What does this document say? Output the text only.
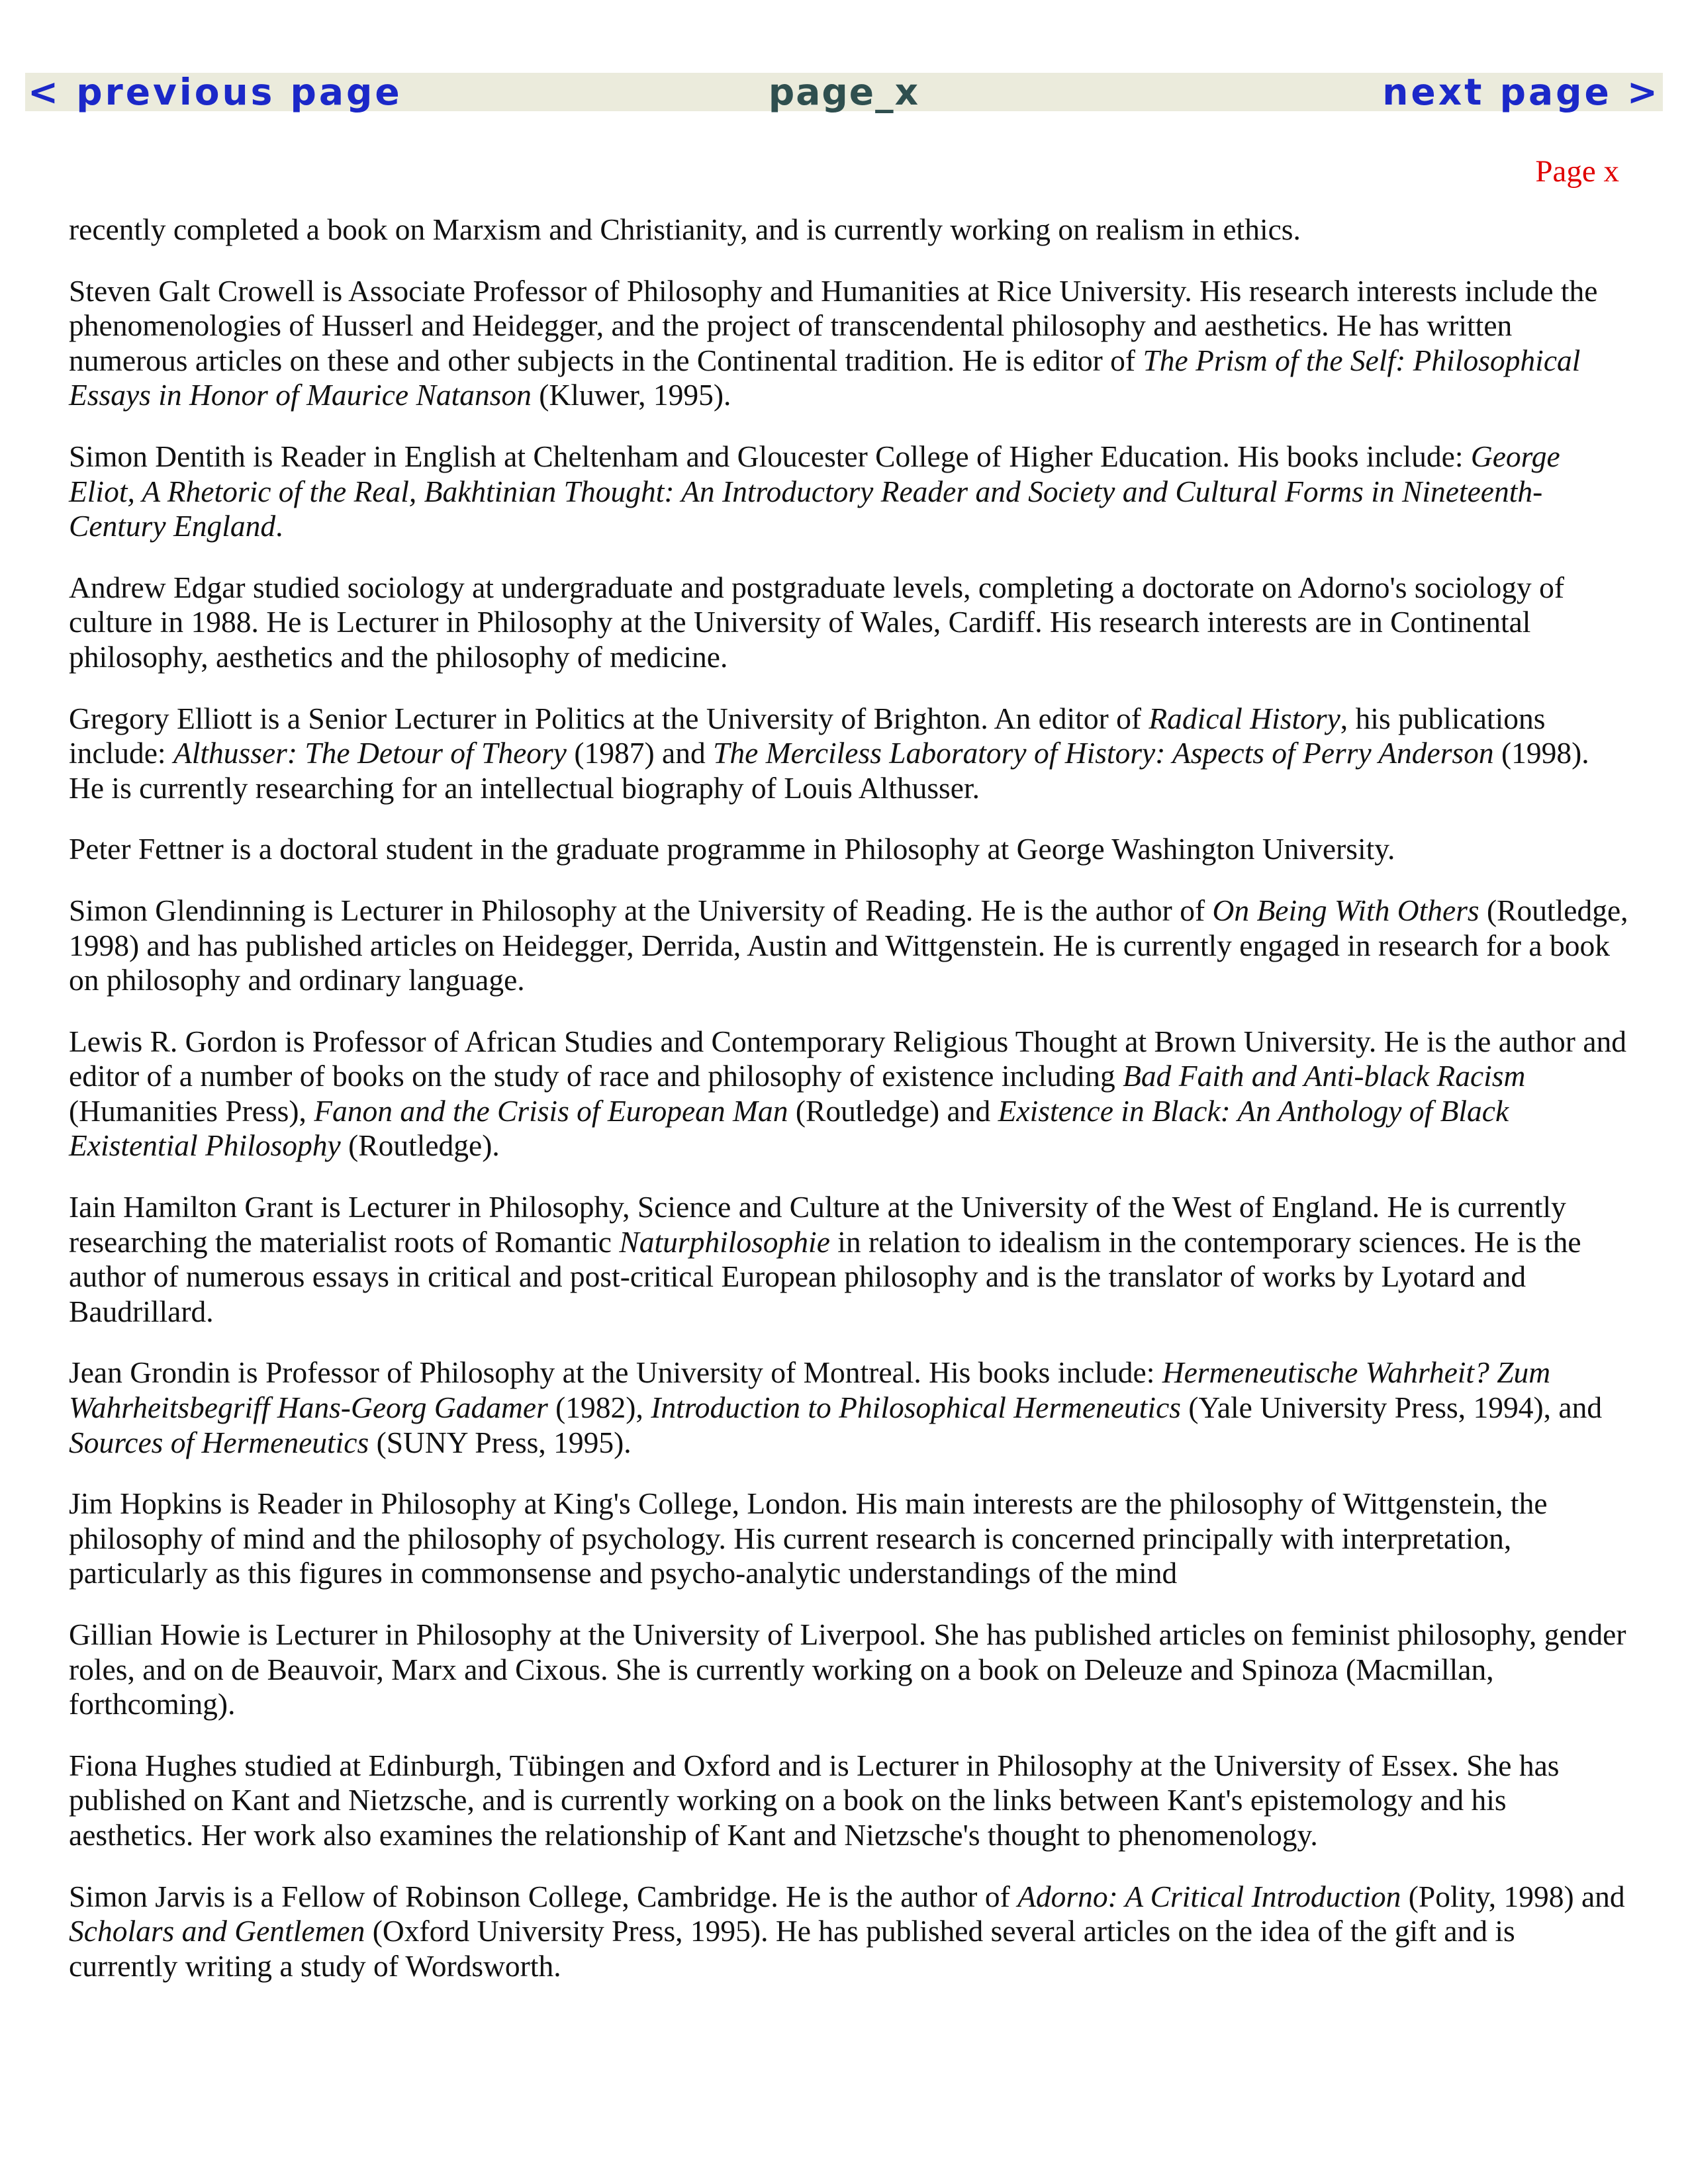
< previous page	page_x	next page >
Page x

recently completed a book on Marxism and Christianity, and is currently working on realism in ethics.

Steven Galt Crowell is Associate Professor of Philosophy and Humanities at Rice University. His research interests include the phenomenologies of Husserl and Heidegger, and the project of transcendental philosophy and aesthetics. He has written numerous articles on these and other subjects in the Continental tradition. He is editor of The Prism of the Self: Philosophical Essays in Honor of Maurice Natanson (Kluwer, 1995).

Simon Dentith is Reader in English at Cheltenham and Gloucester College of Higher Education. His books include: George Eliot, A Rhetoric of the Real, Bakhtinian Thought: An Introductory Reader and Society and Cultural Forms in Nineteenth-Century England.

Andrew Edgar studied sociology at undergraduate and postgraduate levels, completing a doctorate on Adorno's sociology of culture in 1988. He is Lecturer in Philosophy at the University of Wales, Cardiff. His research interests are in Continental philosophy, aesthetics and the philosophy of medicine.

Gregory Elliott is a Senior Lecturer in Politics at the University of Brighton. An editor of Radical History, his publications include: Althusser: The Detour of Theory (1987) and The Merciless Laboratory of History: Aspects of Perry Anderson (1998). He is currently researching for an intellectual biography of Louis Althusser.

Peter Fettner is a doctoral student in the graduate programme in Philosophy at George Washington University.

Simon Glendinning is Lecturer in Philosophy at the University of Reading. He is the author of On Being With Others (Routledge, 1998) and has published articles on Heidegger, Derrida, Austin and Wittgenstein. He is currently engaged in research for a book on philosophy and ordinary language.

Lewis R. Gordon is Professor of African Studies and Contemporary Religious Thought at Brown University. He is the author and editor of a number of books on the study of race and philosophy of existence including Bad Faith and Anti-black Racism (Humanities Press), Fanon and the Crisis of European Man (Routledge) and Existence in Black: An Anthology of Black Existential Philosophy (Routledge).

Iain Hamilton Grant is Lecturer in Philosophy, Science and Culture at the University of the West of England. He is currently researching the materialist roots of Romantic Naturphilosophie in relation to idealism in the contemporary sciences. He is the author of numerous essays in critical and post-critical European philosophy and is the translator of works by Lyotard and Baudrillard.

Jean Grondin is Professor of Philosophy at the University of Montreal. His books include: Hermeneutische Wahrheit? Zum Wahrheitsbegriff Hans-Georg Gadamer (1982), Introduction to Philosophical Hermeneutics (Yale University Press, 1994), and Sources of Hermeneutics (SUNY Press, 1995).

Jim Hopkins is Reader in Philosophy at King's College, London. His main interests are the philosophy of Wittgenstein, the philosophy of mind and the philosophy of psychology. His current research is concerned principally with interpretation, particularly as this figures in commonsense and psycho-analytic understandings of the mind

Gillian Howie is Lecturer in Philosophy at the University of Liverpool. She has published articles on feminist philosophy, gender roles, and on de Beauvoir, Marx and Cixous. She is currently working on a book on Deleuze and Spinoza (Macmillan, forthcoming).

Fiona Hughes studied at Edinburgh, Tübingen and Oxford and is Lecturer in Philosophy at the University of Essex. She has published on Kant and Nietzsche, and is currently working on a book on the links between Kant's epistemology and his aesthetics. Her work also examines the relationship of Kant and Nietzsche's thought to phenomenology.

Simon Jarvis is a Fellow of Robinson College, Cambridge. He is the author of Adorno: A Critical Introduction (Polity, 1998) and Scholars and Gentlemen (Oxford University Press, 1995). He has published several articles on the idea of the gift and is currently writing a study of Wordsworth.
